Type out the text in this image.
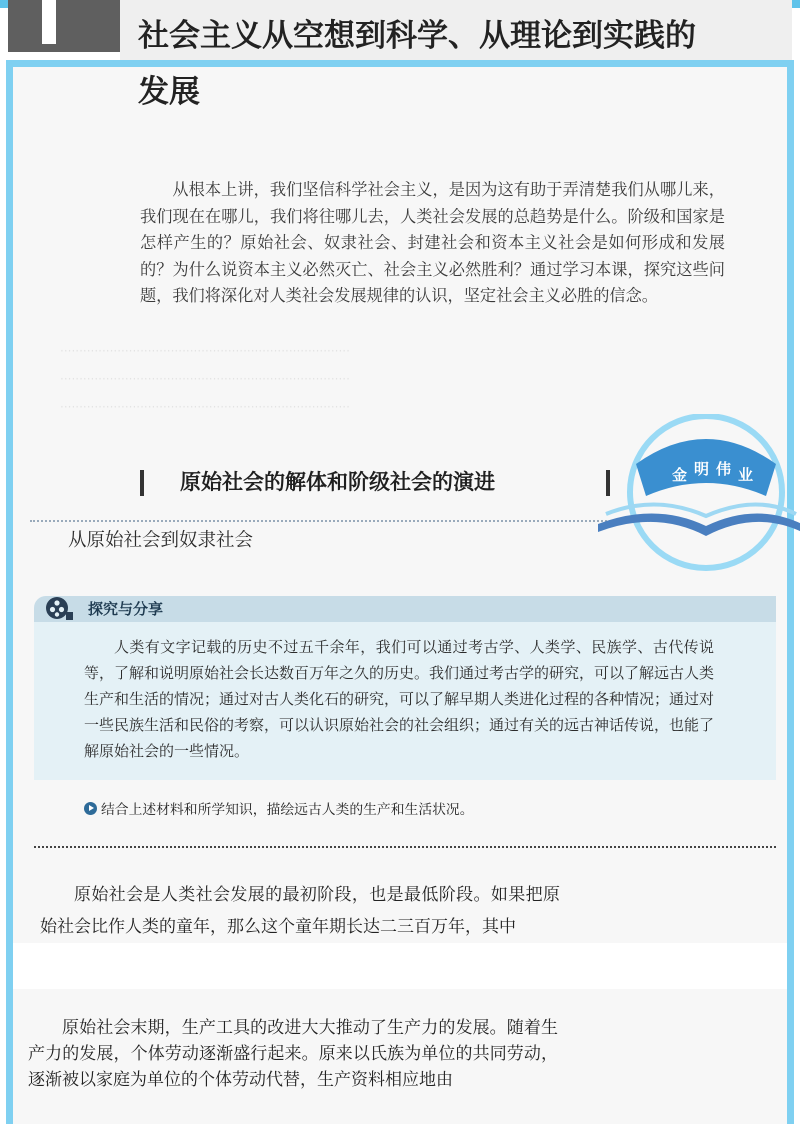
社会主义从空想到科学、从理论到实践的发展
············································································
············································································
············································································
从根本上讲，我们坚信科学社会主义，是因为这有助于弄清楚我们从哪儿来，我们现在在哪儿，我们将往哪儿去，人类社会发展的总趋势是什么。阶级和国家是怎样产生的？原始社会、奴隶社会、封建社会和资本主义社会是如何形成和发展的？为什么说资本主义必然灭亡、社会主义必然胜利？通过学习本课，探究这些问题，我们将深化对人类社会发展规律的认识，坚定社会主义必胜的信念。
原始社会的解体和阶级社会的演进
从原始社会到奴隶社会
探究与分享
人类有文字记载的历史不过五千余年，我们可以通过考古学、人类学、民族学、古代传说等，了解和说明原始社会长达数百万年之久的历史。我们通过考古学的研究，可以了解远古人类生产和生活的情况；通过对古人类化石的研究，可以了解早期人类进化过程的各种情况；通过对一些民族生活和民俗的考察，可以认识原始社会的社会组织；通过有关的远古神话传说，也能了解原始社会的一些情况。
结合上述材料和所学知识，描绘远古人类的生产和生活状况。
原始社会是人类社会发展的最初阶段，也是最低阶段。如果把原始社会比作人类的童年，那么这个童年期长达二三百万年，其中
原始社会末期，生产工具的改进大大推动了生产力的发展。随着生产力的发展，个体劳动逐渐盛行起来。原来以氏族为单位的共同劳动，逐渐被以家庭为单位的个体劳动代替，生产资料相应地由
金 明 伟 业
